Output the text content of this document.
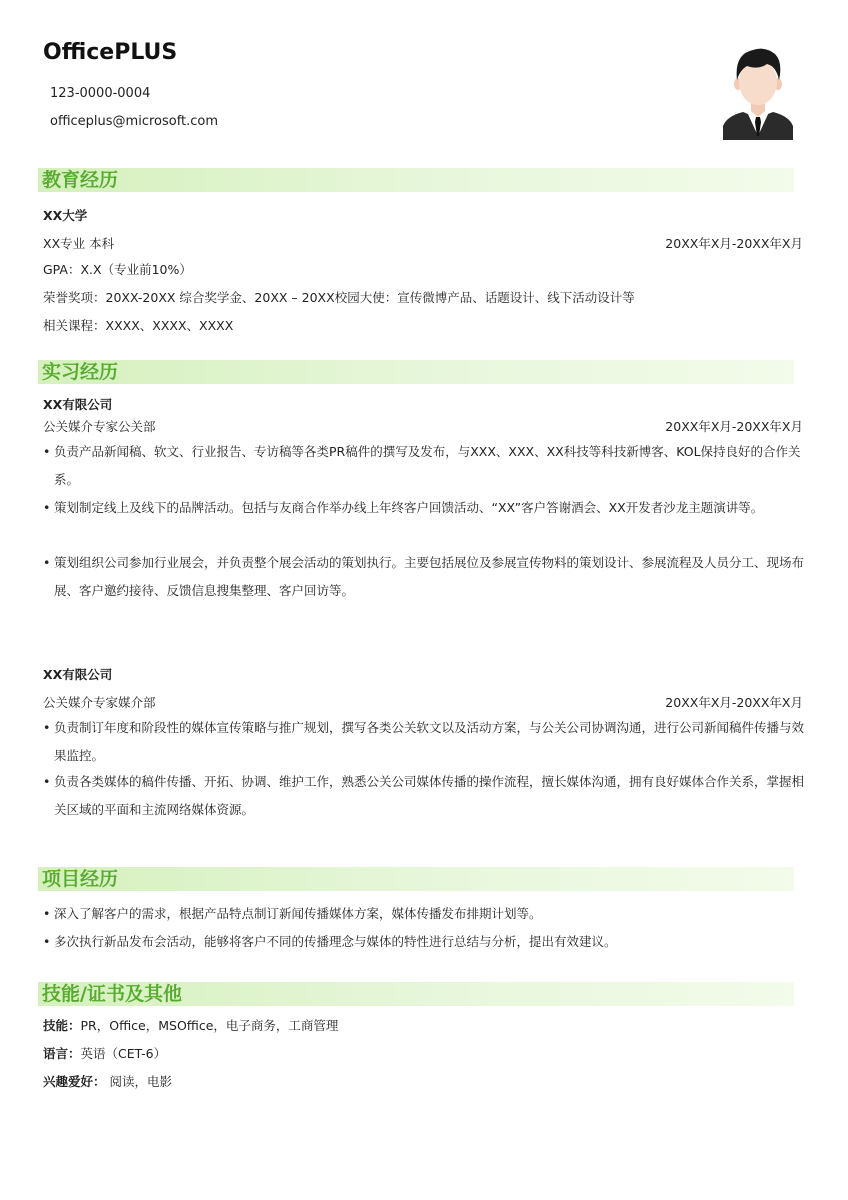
OfficePLUS
123-0000-0004
officeplus@microsoft.com
教育经历
XX大学
XX专业 本科	20XX年X月-20XX年X月
GPA：X.X（专业前10%）
荣誉奖项：20XX-20XX 综合奖学金、20XX – 20XX校园大使：宣传微博产品、话题设计、线下活动设计等
相关课程：XXXX、XXXX、XXXX
实习经历
XX有限公司
公关媒介专家公关部	20XX年X月-20XX年X月
• 负责产品新闻稿、软文、行业报告、专访稿等各类PR稿件的撰写及发布，与XXX、XXX、XX科技等科技新博客、KOL保持良好的合作关系。
• 策划制定线上及线下的品牌活动。包括与友商合作举办线上年终客户回馈活动、“XX”客户答谢酒会、XX开发者沙龙主题演讲等。
• 策划组织公司参加行业展会，并负责整个展会活动的策划执行。主要包括展位及参展宣传物料的策划设计、参展流程及人员分工、现场布展、客户邀约接待、反馈信息搜集整理、客户回访等。
XX有限公司
公关媒介专家媒介部	20XX年X月-20XX年X月
• 负责制订年度和阶段性的媒体宣传策略与推广规划，撰写各类公关软文以及活动方案，与公关公司协调沟通，进行公司新闻稿件传播与效果监控。
• 负责各类媒体的稿件传播、开拓、协调、维护工作，熟悉公关公司媒体传播的操作流程，擅长媒体沟通，拥有良好媒体合作关系，掌握相关区域的平面和主流网络媒体资源。
项目经历
• 深入了解客户的需求，根据产品特点制订新闻传播媒体方案，媒体传播发布排期计划等。
• 多次执行新品发布会活动，能够将客户不同的传播理念与媒体的特性进行总结与分析，提出有效建议。
技能/证书及其他
技能：PR，Office，MSOffice，电子商务，工商管理
语言：英语（CET-6）
兴趣爱好： 阅读，电影
